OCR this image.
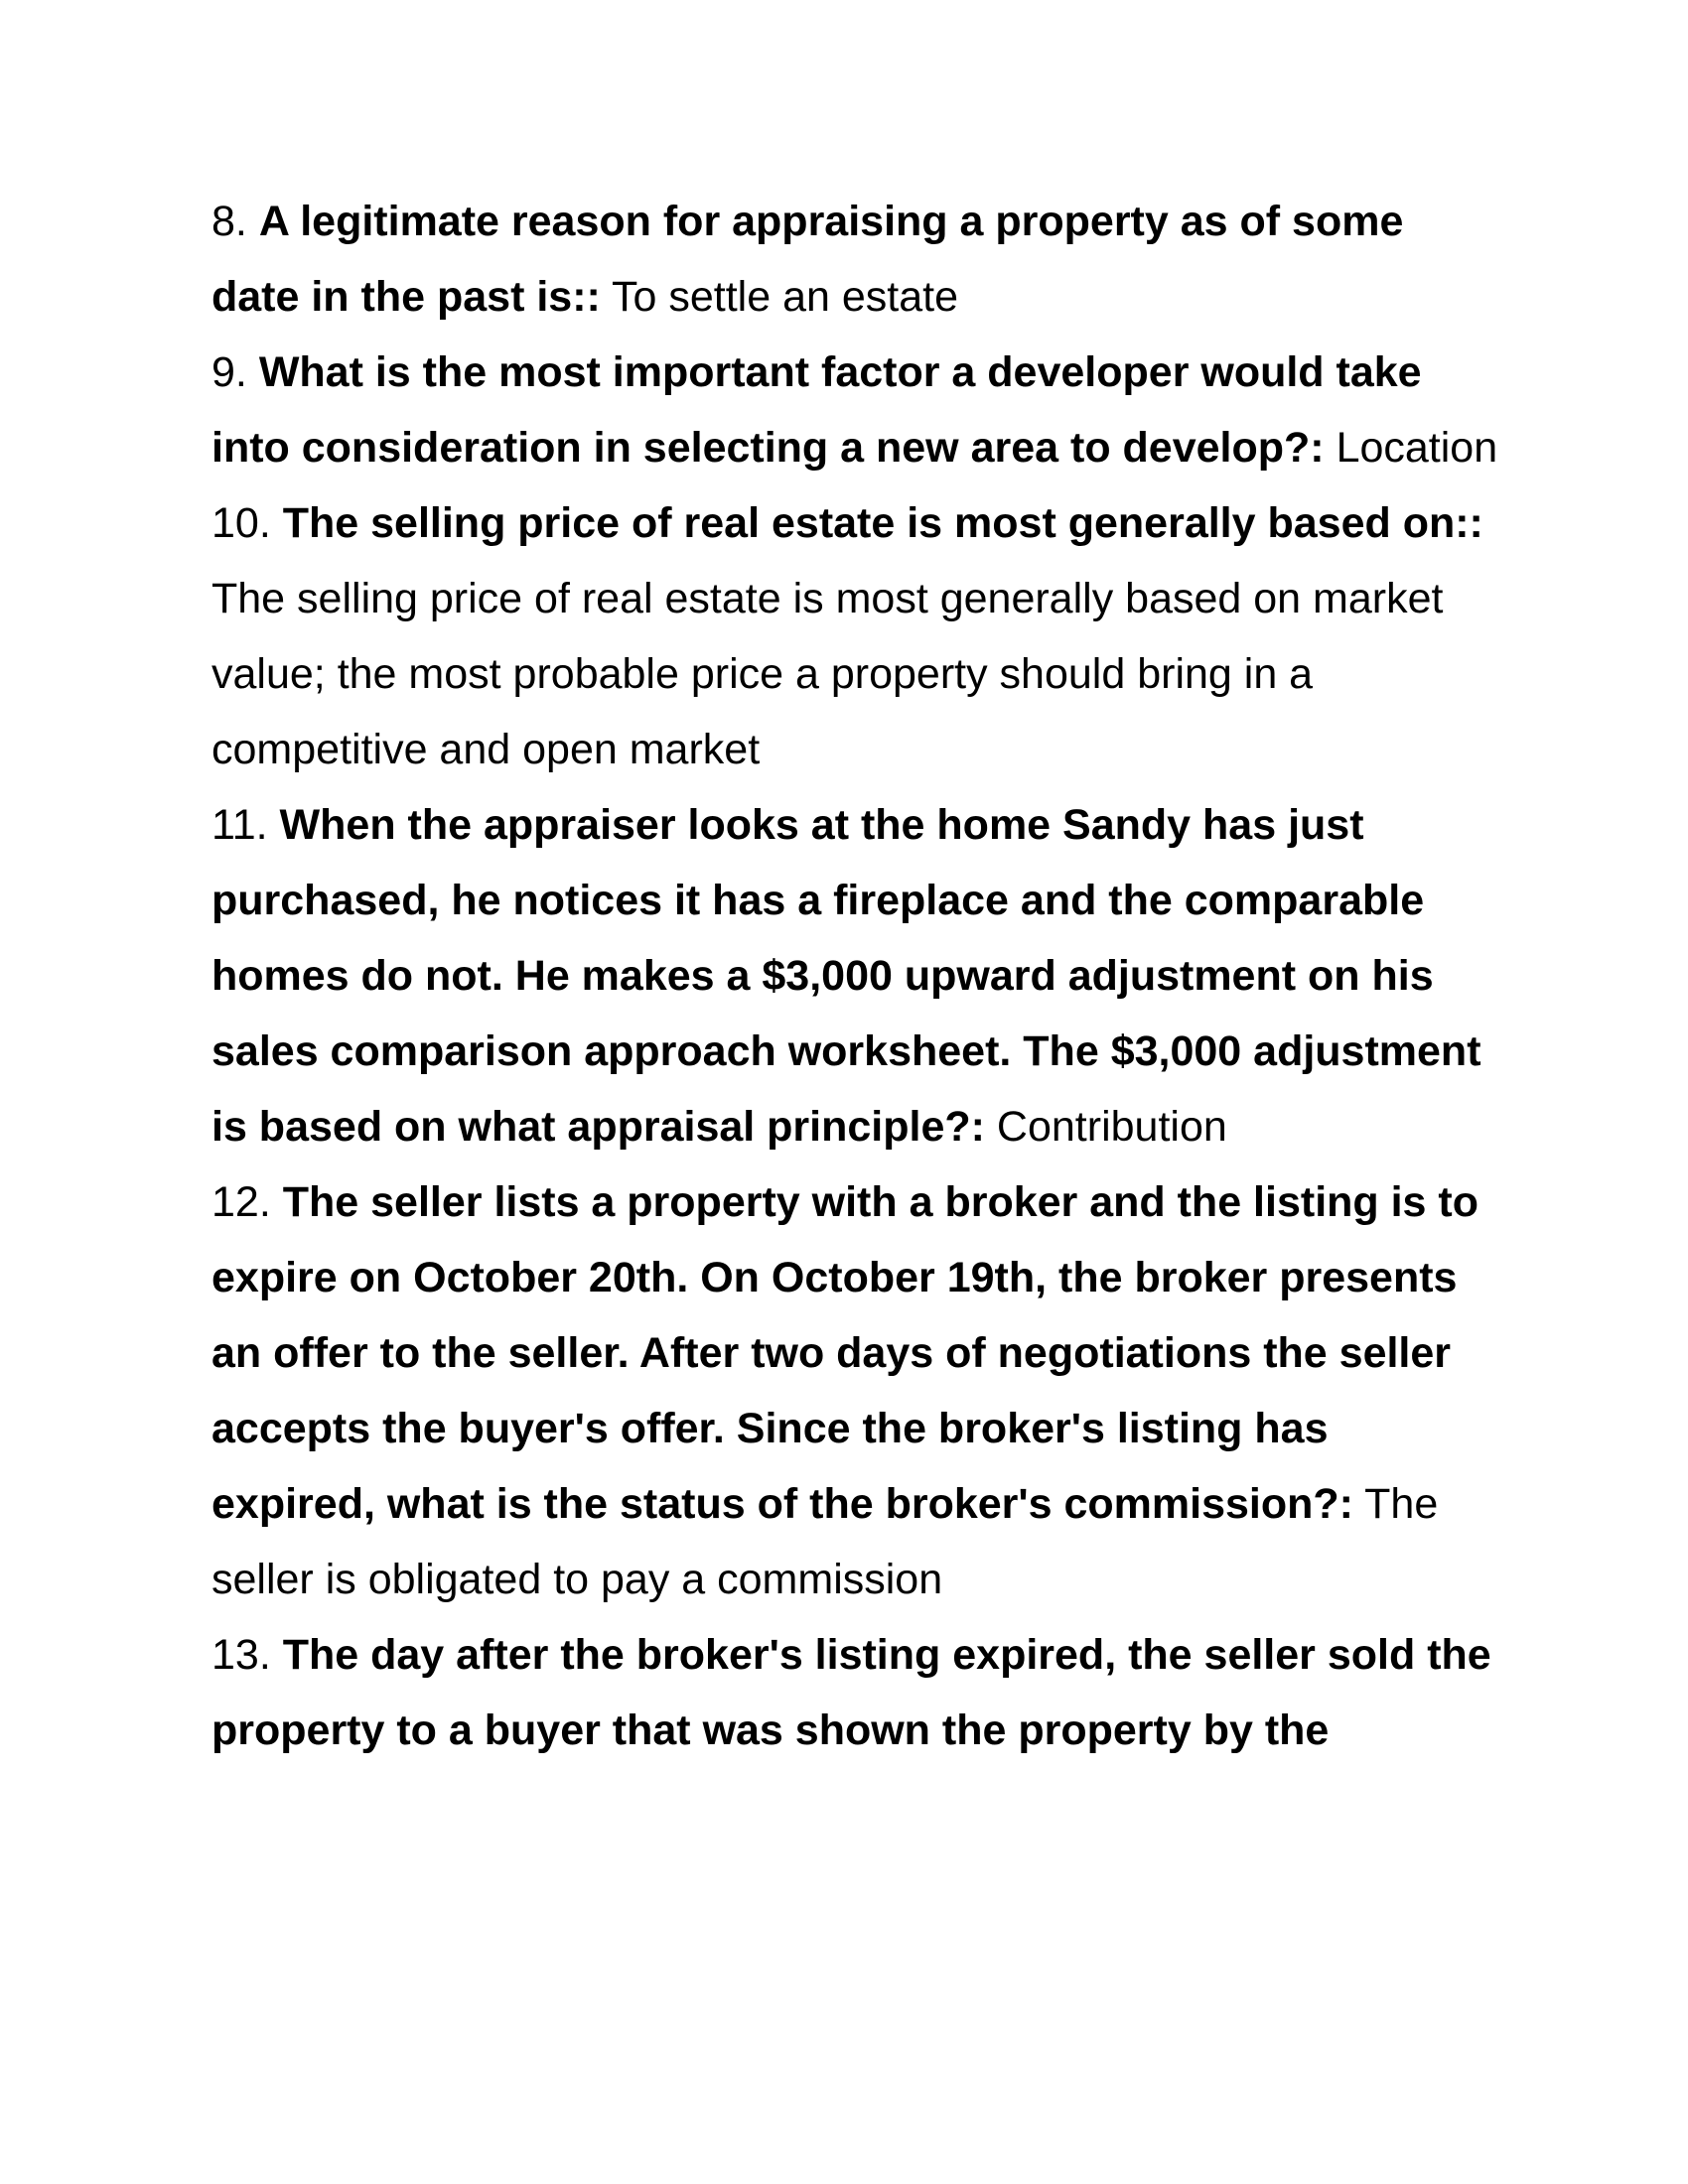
8. A legitimate reason for appraising a property as of some date in the past is:: To settle an estate

9. What is the most important factor a developer would take into consideration in selecting a new area to develop?: Location

10. The selling price of real estate is most generally based on:: The selling price of real estate is most generally based on market value; the most probable price a property should bring in a competitive and open market

11. When the appraiser looks at the home Sandy has just purchased, he notices it has a fireplace and the comparable homes do not. He makes a $3,000 upward adjustment on his sales comparison approach worksheet. The $3,000 adjustment is based on what appraisal principle?: Contribution

12. The seller lists a property with a broker and the listing is to expire on October 20th. On October 19th, the broker presents an offer to the seller. After two days of negotiations the seller accepts the buyer's offer. Since the broker's listing has expired, what is the status of the broker's commission?: The seller is obligated to pay a commission

13. The day after the broker's listing expired, the seller sold the property to a buyer that was shown the property by the
